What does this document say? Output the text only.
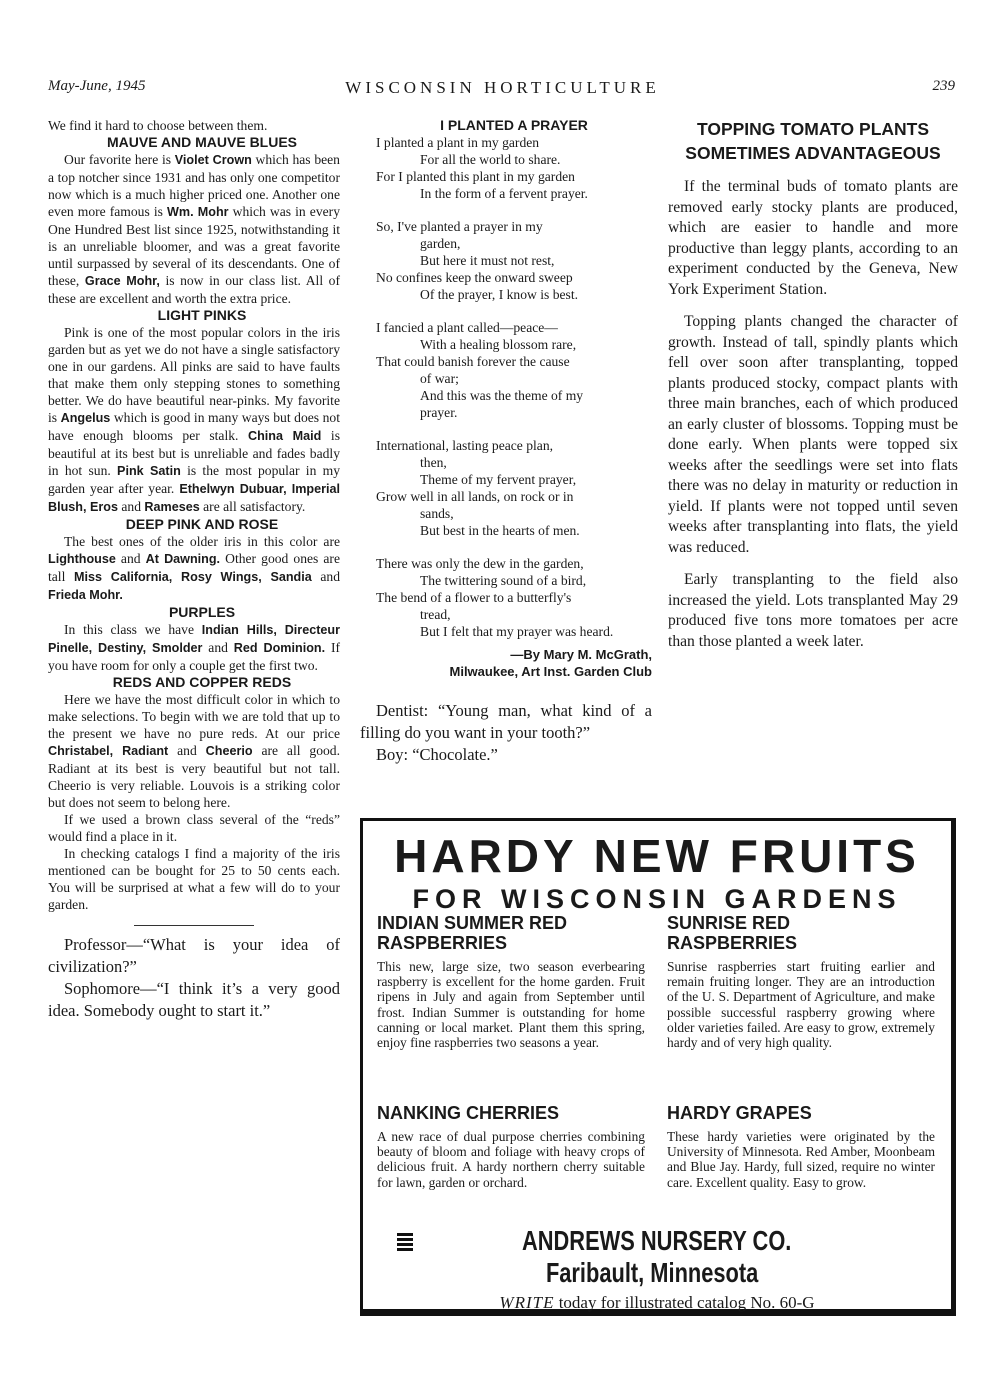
May-June, 1945	WISCONSIN HORTICULTURE	239

We find it hard to choose between them.

MAUVE AND MAUVE BLUES

Our favorite here is Violet Crown which has been a top notcher since 1931 and has only one competitor now which is a much higher priced one. Another one even more famous is Wm. Mohr which was in every One Hundred Best list since 1925, notwithstanding it is an unreliable bloomer, and was a great favorite until surpassed by several of its descendants. One of these, Grace Mohr, is now in our class list. All of these are excellent and worth the extra price.

LIGHT PINKS

Pink is one of the most popular colors in the iris garden but as yet we do not have a single satisfactory one in our gardens. All pinks are said to have faults that make them only stepping stones to something better. We do have beautiful near-pinks. My favorite is Angelus which is good in many ways but does not have enough blooms per stalk. China Maid is beautiful at its best but is unreliable and fades badly in hot sun. Pink Satin is the most popular in my garden year after year. Ethelwyn Dubuar, Imperial Blush, Eros and Rameses are all satisfactory.

DEEP PINK AND ROSE

The best ones of the older iris in this color are Lighthouse and At Dawning. Other good ones are tall Miss California, Rosy Wings, Sandia and Frieda Mohr.

PURPLES

In this class we have Indian Hills, Directeur Pinelle, Destiny, Smolder and Red Dominion. If you have room for only a couple get the first two.

REDS AND COPPER REDS

Here we have the most difficult color in which to make selections. To begin with we are told that up to the present we have no pure reds. At our price Christabel, Radiant and Cheerio are all good. Radiant at its best is very beautiful but not tall. Cheerio is very reliable. Louvois is a striking color but does not seem to belong here.

If we used a brown class several of the “reds” would find a place in it.

In checking catalogs I find a majority of the iris mentioned can be bought for 25 to 50 cents each. You will be surprised at what a few will do to your garden.

Professor—“What is your idea of civilization?”

Sophomore—“I think it’s a very good idea. Somebody ought to start it.”

I PLANTED A PRAYER

I planted a plant in my garden

For all the world to share.

For I planted this plant in my garden

In the form of a fervent prayer.

So, I've planted a prayer in my

garden,

But here it must not rest,

No confines keep the onward sweep

Of the prayer, I know is best.

I fancied a plant called—peace—

With a healing blossom rare,

That could banish forever the cause

of war;

And this was the theme of my

prayer.

International, lasting peace plan,

then,

Theme of my fervent prayer,

Grow well in all lands, on rock or in

sands,

But best in the hearts of men.

There was only the dew in the garden,

The twittering sound of a bird,

The bend of a flower to a butterfly's

tread,

But I felt that my prayer was heard.

—By Mary M. McGrath,

Milwaukee, Art Inst. Garden Club

Dentist: “Young man, what kind of a filling do you want in your tooth?”

Boy: “Chocolate.”

TOPPING TOMATO PLANTS SOMETIMES ADVANTAGEOUS

If the terminal buds of tomato plants are removed early stocky plants are produced, which are easier to handle and more productive than leggy plants, according to an experiment conducted by the Geneva, New York Experiment Station.

Topping plants changed the character of growth. Instead of tall, spindly plants which fell over soon after transplanting, topped plants produced stocky, compact plants with three main branches, each of which produced an early cluster of blossoms. Topping must be done early. When plants were topped six weeks after the seedlings were set into flats there was no delay in maturity or reduction in yield. If plants were not topped until seven weeks after transplanting into flats, the yield was reduced.

Early transplanting to the field also increased the yield. Lots transplanted May 29 produced five tons more tomatoes per acre than those planted a week later.

HARDY NEW FRUITS
FOR WISCONSIN GARDENS

INDIAN SUMMER RED
RASPBERRIES

This new, large size, two season everbearing raspberry is excellent for the home garden. Fruit ripens in July and again from September until frost. Indian Summer is outstanding for home canning or local market. Plant them this spring, enjoy fine raspberries two seasons a year.

SUNRISE RED
RASPBERRIES

Sunrise raspberries start fruiting earlier and remain fruiting longer. They are an introduction of the U. S. Department of Agriculture, and make possible successful raspberry growing where older varieties failed. Are easy to grow, extremely hardy and of very high quality.

NANKING CHERRIES

A new race of dual purpose cherries combining beauty of bloom and foliage with heavy crops of delicious fruit. A hardy northern cherry suitable for lawn, garden or orchard.

HARDY GRAPES

These hardy varieties were originated by the University of Minnesota. Red Amber, Moonbeam and Blue Jay. Hardy, full sized, require no winter care. Excellent quality. Easy to grow.

ANDREWS NURSERY CO. Faribault, Minnesota
WRITE today for illustrated catalog No. 60-G
